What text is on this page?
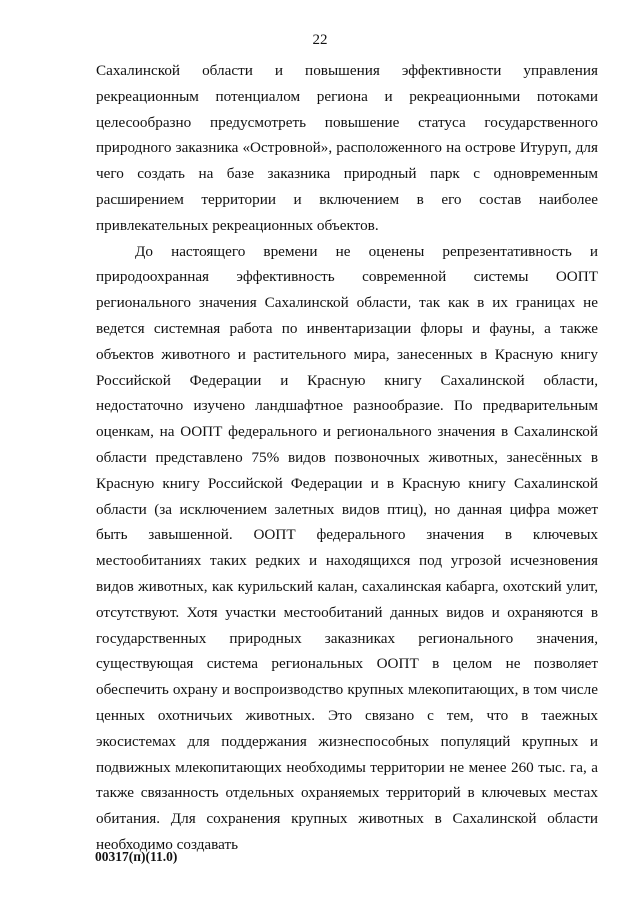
22

Сахалинской области и повышения эффективности управления рекреационным потенциалом региона и рекреационными потоками целесообразно предусмотреть повышение статуса государственного природного заказника «Островной», расположенного на острове Итуруп, для чего создать на базе заказника природный парк с одновременным расширением территории и включением в его состав наиболее привлекательных рекреационных объектов.

До настоящего времени не оценены репрезентативность и природоохранная эффективность современной системы ООПТ регионального значения Сахалинской области, так как в их границах не ведется системная работа по инвентаризации флоры и фауны, а также объектов животного и растительного мира, занесенных в Красную книгу Российской Федерации и Красную книгу Сахалинской области, недостаточно изучено ландшафтное разнообразие. По предварительным оценкам, на ООПТ федерального и регионального значения в Сахалинской области представлено 75% видов позвоночных животных, занесённых в Красную книгу Российской Федерации и в Красную книгу Сахалинской области (за исключением залетных видов птиц), но данная цифра может быть завышенной. ООПТ федерального значения в ключевых местообитаниях таких редких и находящихся под угрозой исчезновения видов животных, как курильский калан, сахалинская кабарга, охотский улит, отсутствуют. Хотя участки местообитаний данных видов и охраняются в государственных природных заказниках регионального значения, существующая система региональных ООПТ в целом не позволяет обеспечить охрану и воспроизводство крупных млекопитающих, в том числе ценных охотничьих животных. Это связано с тем, что в таежных экосистемах для поддержания жизнеспособных популяций крупных и подвижных млекопитающих необходимы территории не менее 260 тыс. га, а также связанность отдельных охраняемых территорий в ключевых местах обитания. Для сохранения крупных животных в Сахалинской области необходимо создавать

00317(п)(11.0)
